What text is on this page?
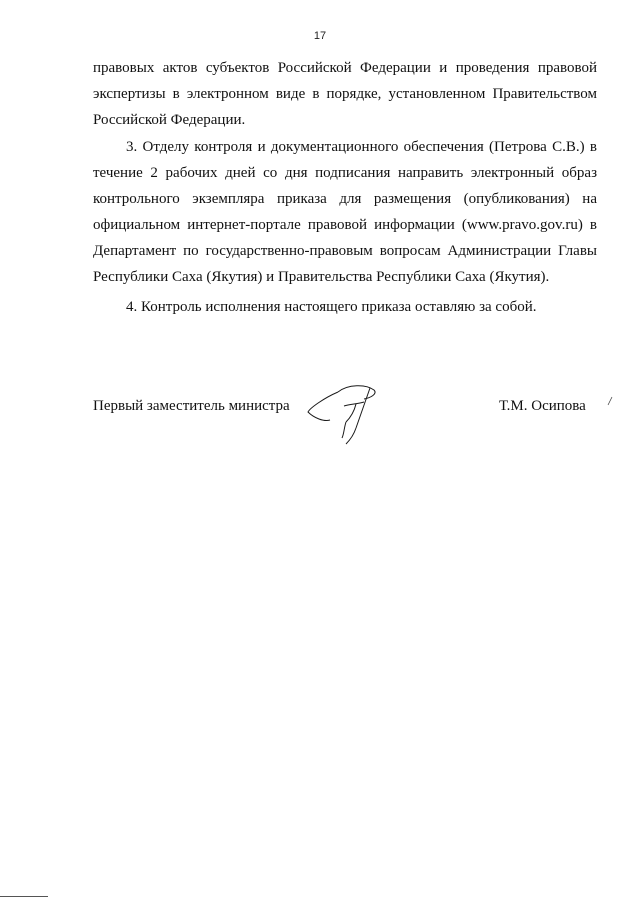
17

правовых актов субъектов Российской Федерации и проведения правовой экспертизы в электронном виде в порядке, установленном Правительством Российской Федерации.

3. Отделу контроля и документационного обеспечения (Петрова С.В.) в течение 2 рабочих дней со дня подписания направить электронный образ контрольного экземпляра приказа для размещения (опубликования) на официальном интернет-портале правовой информации (www.pravo.gov.ru) в Департамент по государственно-правовым вопросам Администрации Главы Республики Саха (Якутия) и Правительства Республики Саха (Якутия).

4. Контроль исполнения настоящего приказа оставляю за собой.

Первый заместитель министра	Т.М. Осипова
